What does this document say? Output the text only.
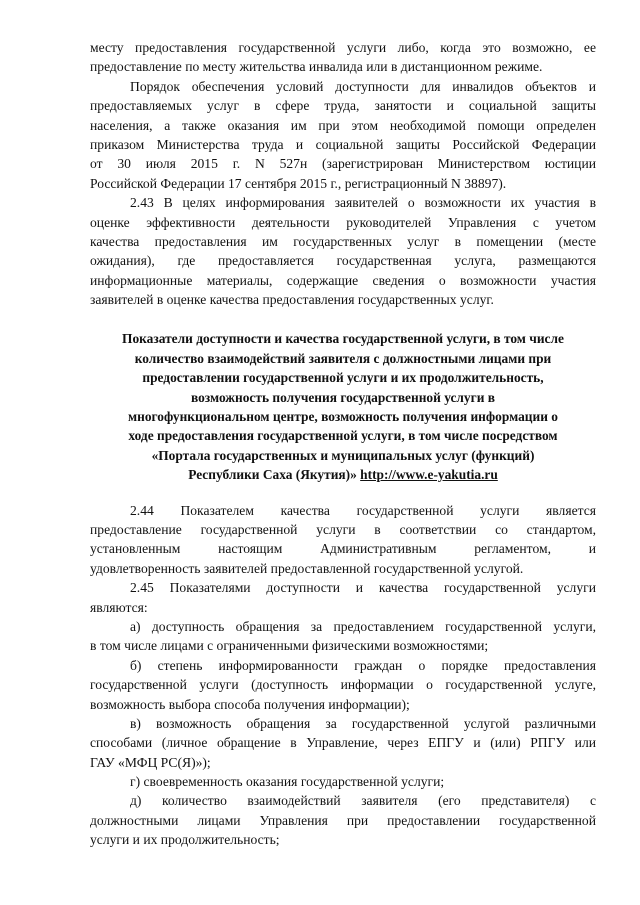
месту предоставления государственной услуги либо, когда это возможно, ее
предоставление по месту жительства инвалида или в дистанционном режиме.
Порядок обеспечения условий доступности для инвалидов объектов и
предоставляемых услуг в сфере труда, занятости и социальной защиты
населения, а также оказания им при этом необходимой помощи определен
приказом Министерства труда и социальной защиты Российской Федерации
от 30 июля 2015 г. N 527н (зарегистрирован Министерством юстиции
Российской Федерации 17 сентября 2015 г., регистрационный N 38897).
2.43 В целях информирования заявителей о возможности их участия в
оценке эффективности деятельности руководителей Управления с учетом
качества предоставления им государственных услуг в помещении (месте
ожидания), где предоставляется государственная услуга, размещаются
информационные материалы, содержащие сведения о возможности участия
заявителей в оценке качества предоставления государственных услуг.
Показатели доступности и качества государственной услуги, в том числе
количество взаимодействий заявителя с должностными лицами при
предоставлении государственной услуги и их продолжительность,
возможность получения государственной услуги в
многофункциональном центре, возможность получения информации о
ходе предоставления государственной услуги, в том числе посредством
«Портала государственных и муниципальных услуг (функций)
Республики Саха (Якутия)» http://www.e-yakutia.ru
2.44 Показателем качества государственной услуги является
предоставление государственной услуги в соответствии со стандартом,
установленным настоящим Административным регламентом, и
удовлетворенность заявителей предоставленной государственной услугой.
2.45 Показателями доступности и качества государственной услуги
являются:
а) доступность обращения за предоставлением государственной услуги,
в том числе лицами с ограниченными физическими возможностями;
б) степень информированности граждан о порядке предоставления
государственной услуги (доступность информации о государственной услуге,
возможность выбора способа получения информации);
в) возможность обращения за государственной услугой различными
способами (личное обращение в Управление, через ЕПГУ и (или) РПГУ или
ГАУ «МФЦ РС(Я)»);
г) своевременность оказания государственной услуги;
д) количество взаимодействий заявителя (его представителя) с
должностными лицами Управления при предоставлении государственной
услуги и их продолжительность;
